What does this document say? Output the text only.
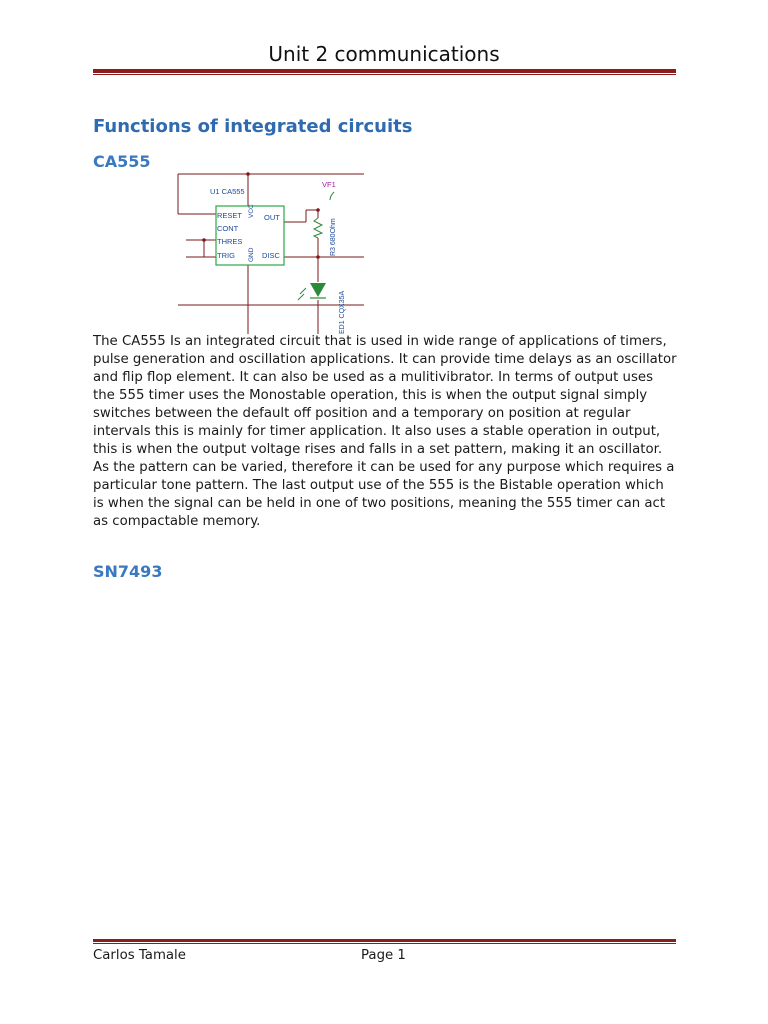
Unit 2 communications
Functions of integrated circuits
CA555
U1 CA555
RESET
CONT
THRES
TRIG
OUT
DISC
VCC
GND	R3 680Ohm
ED1 CQX35A
VF1
The CA555 Is an integrated circuit that is used in wide range of applications of timers, pulse generation and oscillation applications. It can provide time delays as an oscillator and flip flop element. It can also be used as a mulitivibrator. In terms of output uses the 555 timer uses the Monostable operation, this is when the output signal simply switches between the default off position and a temporary on position at regular intervals this is mainly for timer application. It also uses a stable operation in output, this is when the output voltage rises and falls in a set pattern, making it an oscillator. As the pattern can be varied, therefore it can be used for any purpose which requires a particular tone pattern. The last output use of the 555 is the Bistable operation which is when the signal can be held in one of two positions, meaning the 555 timer can act as compactable memory.
SN7493
Carlos Tamale	Page 1
